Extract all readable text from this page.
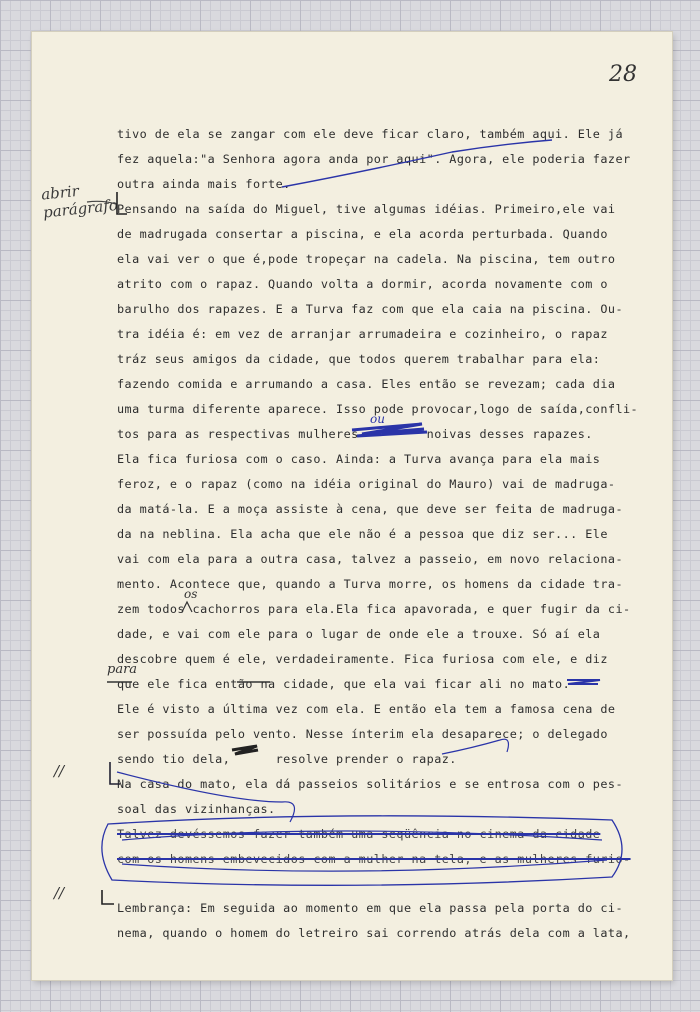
28
abrir parágrafo
//
//
tivo de ela se zangar com ele deve ficar claro, também aqui. Ele já
fez aquela:"a Senhora agora anda por aqui". Agora, ele poderia fazer
outra ainda mais forte.
Pensando na saída do Miguel, tive algumas idéias. Primeiro,ele vai
de madrugada consertar a piscina, e ela acorda perturbada. Quando
ela vai ver o que é,pode tropeçar na cadela. Na piscina, tem outro
atrito com o rapaz. Quando volta a dormir, acorda novamente com o
barulho dos rapazes. E a Turva faz com que ela caia na piscina. Ou-
tra idéia é: em vez de arranjar arrumadeira e cozinheiro, o rapaz
tráz seus amigos da cidade, que todos querem trabalhar para ela:
fazendo comida e arrumando a casa. Eles então se revezam; cada dia
uma turma diferente aparece. Isso pode provocar,logo de saída,confli-
tos para as respectivas mulheres         noivas desses rapazes.
Ela fica furiosa com o caso. Ainda: a Turva avança para ela mais
feroz, e o rapaz (como na idéia original do Mauro) vai de madruga-
da matá-la. E a moça assiste à cena, que deve ser feita de madruga-
da na neblina. Ela acha que ele não é a pessoa que diz ser... Ele
vai com ela para a outra casa, talvez a passeio, em novo relaciona-
mento. Acontece que, quando a Turva morre, os homens da cidade tra-
zem todos cachorros para ela.Ela fica apavorada, e quer fugir da ci-
dade, e vai com ele para o lugar de onde ele a trouxe. Só aí ela
descobre quem é ele, verdadeiramente. Fica furiosa com ele, e diz
que ele fica então na cidade, que ela vai ficar ali no mato.
Ele é visto a última vez com ela. E então ela tem a famosa cena de
ser possuída pelo vento. Nesse ínterim ela desaparece; o delegado
sendo tio dela,      resolve prender o rapaz.
Na casa do mato, ela dá passeios solitários e se entrosa com o pes-
soal das vizinhanças.
Talvez devéssemos fazer também uma seqüência no cinema da cidade
com os homens embevecidos com a mulher na tela, e as mulheres furio-
Lembrança: Em seguida ao momento em que ela passa pela porta do ci-
nema, quando o homem do letreiro sai correndo atrás dela com a lata,
ou
os
para
